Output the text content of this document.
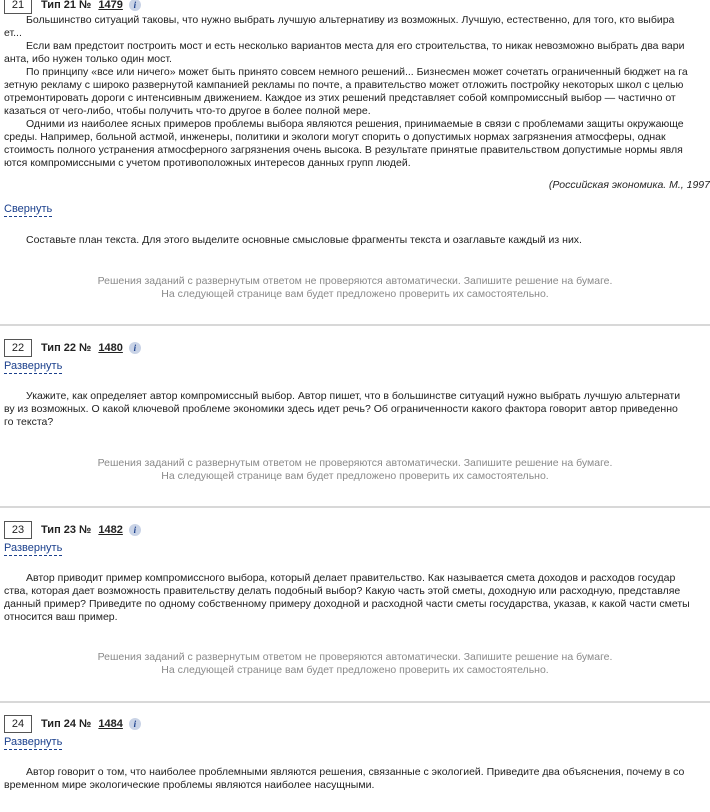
21	Тип 21 № 1479	i

Большинство ситуаций таковы, что нужно выбрать лучшую альтернативу из возможных. Лучшую, естественно, для того, кто выбира

ет...

Если вам предстоит построить мост и есть несколько вариантов места для его строительства, то никак невозможно выбрать два вари

анта, ибо нужен только один мост.

По принципу «все или ничего» может быть принято совсем немного решений... Бизнесмен может сочетать ограниченный бюджет на га

зетную рекламу с широко развернутой кампанией рекламы по почте, а правительство может отложить постройку некоторых школ с целью

отремонтировать дороги с интенсивным движением. Каждое из этих решений представляет собой компромиссный выбор — частично от

казаться от чего-либо, чтобы получить что-то другое в более полной мере.

Одними из наиболее ясных примеров проблемы выбора являются решения, принимаемые в связи с проблемами защиты окружающе

среды. Например, больной астмой, инженеры, политики и экологи могут спорить о допустимых нормах загрязнения атмосферы, однак

стоимость полного устранения атмосферного загрязнения очень высока. В результате принятые правительством допустимые нормы явля

ются компромиссными с учетом противоположных интересов данных групп людей.

(Российская экономика. М., 1997
Свернуть

Составьте план текста. Для этого выделите основные смысловые фрагменты текста и озаглавьте каждый из них.

Решения заданий с развернутым ответом не проверяются автоматически. Запишите решение на бумаге.
На следующей странице вам будет предложено проверить их самостоятельно.
22	Тип 22 № 1480	i
Развернуть

Укажите, как определяет автор компромиссный выбор. Автор пишет, что в большинстве ситуаций нужно выбрать лучшую альтернати

ву из возможных. О какой ключевой проблеме экономики здесь идет речь? Об ограниченности какого фактора говорит автор приведенно

го текста?

Решения заданий с развернутым ответом не проверяются автоматически. Запишите решение на бумаге.
На следующей странице вам будет предложено проверить их самостоятельно.
23	Тип 23 № 1482	i
Развернуть

Автор приводит пример компромиссного выбора, который делает правительство. Как называется смета доходов и расходов государ

ства, которая дает возможность правительству делать подобный выбор? Какую часть этой сметы, доходную или расходную, представляе

данный пример? Приведите по одному собственному примеру доходной и расходной части сметы государства, указав, к какой части сметы

относится ваш пример.

Решения заданий с развернутым ответом не проверяются автоматически. Запишите решение на бумаге.
На следующей странице вам будет предложено проверить их самостоятельно.
24	Тип 24 № 1484	i
Развернуть

Автор говорит о том, что наиболее проблемными являются решения, связанные с экологией. Приведите два объяснения, почему в со

временном мире экологические проблемы являются наиболее насущными.
